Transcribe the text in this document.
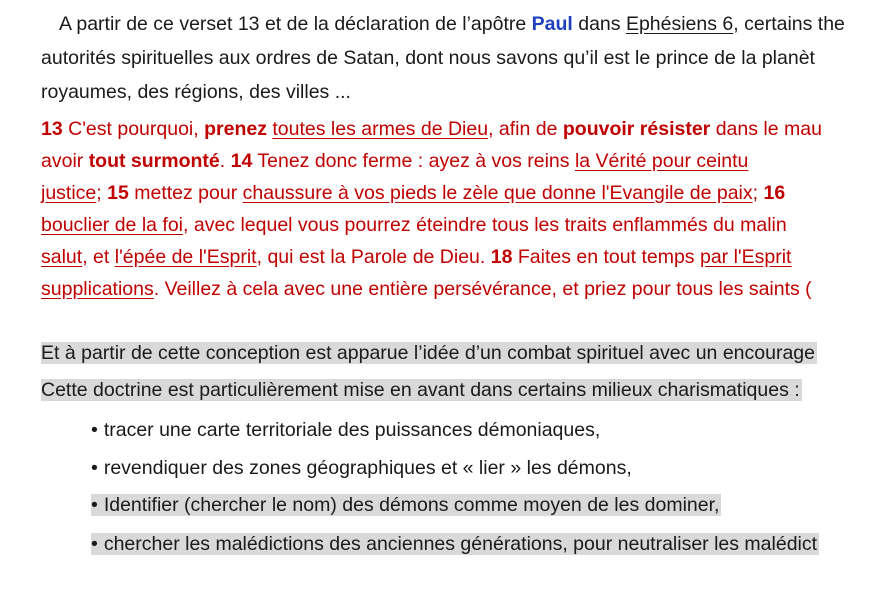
A partir de ce verset 13 et de la déclaration de l’apôtre Paul dans Ephésiens 6, certains the
autorités spirituelles aux ordres de Satan, dont nous savons qu’il est le prince de la planèt
royaumes, des régions, des villes ...
13 C'est pourquoi, prenez toutes les armes de Dieu, afin de pouvoir résister dans le mau
avoir tout surmonté. 14 Tenez donc ferme : ayez à vos reins la Vérité pour ceintu
justice; 15 mettez pour chaussure à vos pieds le zèle que donne l'Evangile de paix; 16
bouclier de la foi, avec lequel vous pourrez éteindre tous les traits enflammés du malin
salut, et l'épée de l'Esprit, qui est la Parole de Dieu. 18 Faites en tout temps par l'Esprit
supplications. Veillez à cela avec une entière persévérance, et priez pour tous les saints (
Et à partir de cette conception est apparue l’idée d’un combat spirituel avec un encourage
Cette doctrine est particulièrement mise en avant dans certains milieux charismatiques :
• tracer une carte territoriale des puissances démoniaques,
• revendiquer des zones géographiques et « lier » les démons,
• Identifier (chercher le nom) des démons comme moyen de les dominer,
• chercher les malédictions des anciennes générations, pour neutraliser les malédict
